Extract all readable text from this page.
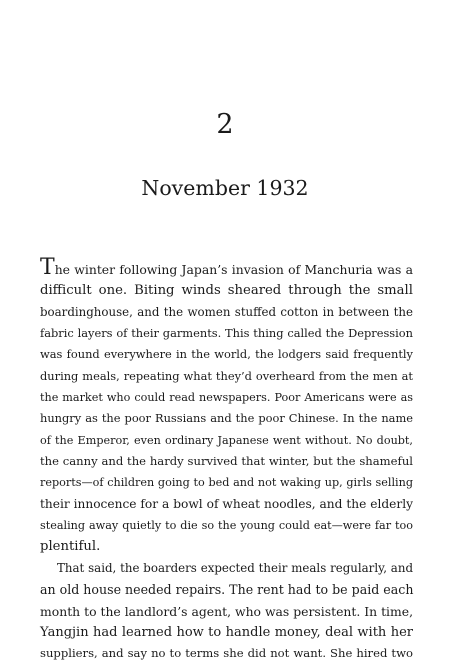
2
November 1932
The winter following Japan’s invasion of Manchuria was a
difficult one. Biting winds sheared through the small
boardinghouse, and the women stuffed cotton in between the
fabric layers of their garments. This thing called the Depression
was found everywhere in the world, the lodgers said frequently
during meals, repeating what they’d overheard from the men at
the market who could read newspapers. Poor Americans were as
hungry as the poor Russians and the poor Chinese. In the name
of the Emperor, even ordinary Japanese went without. No doubt,
the canny and the hardy survived that winter, but the shameful
reports—of children going to bed and not waking up, girls selling
their innocence for a bowl of wheat noodles, and the elderly
stealing away quietly to die so the young could eat—were far too
plentiful.
That said, the boarders expected their meals regularly, and
an old house needed repairs. The rent had to be paid each
month to the landlord’s agent, who was persistent. In time,
Yangjin had learned how to handle money, deal with her
suppliers, and say no to terms she did not want. She hired two
